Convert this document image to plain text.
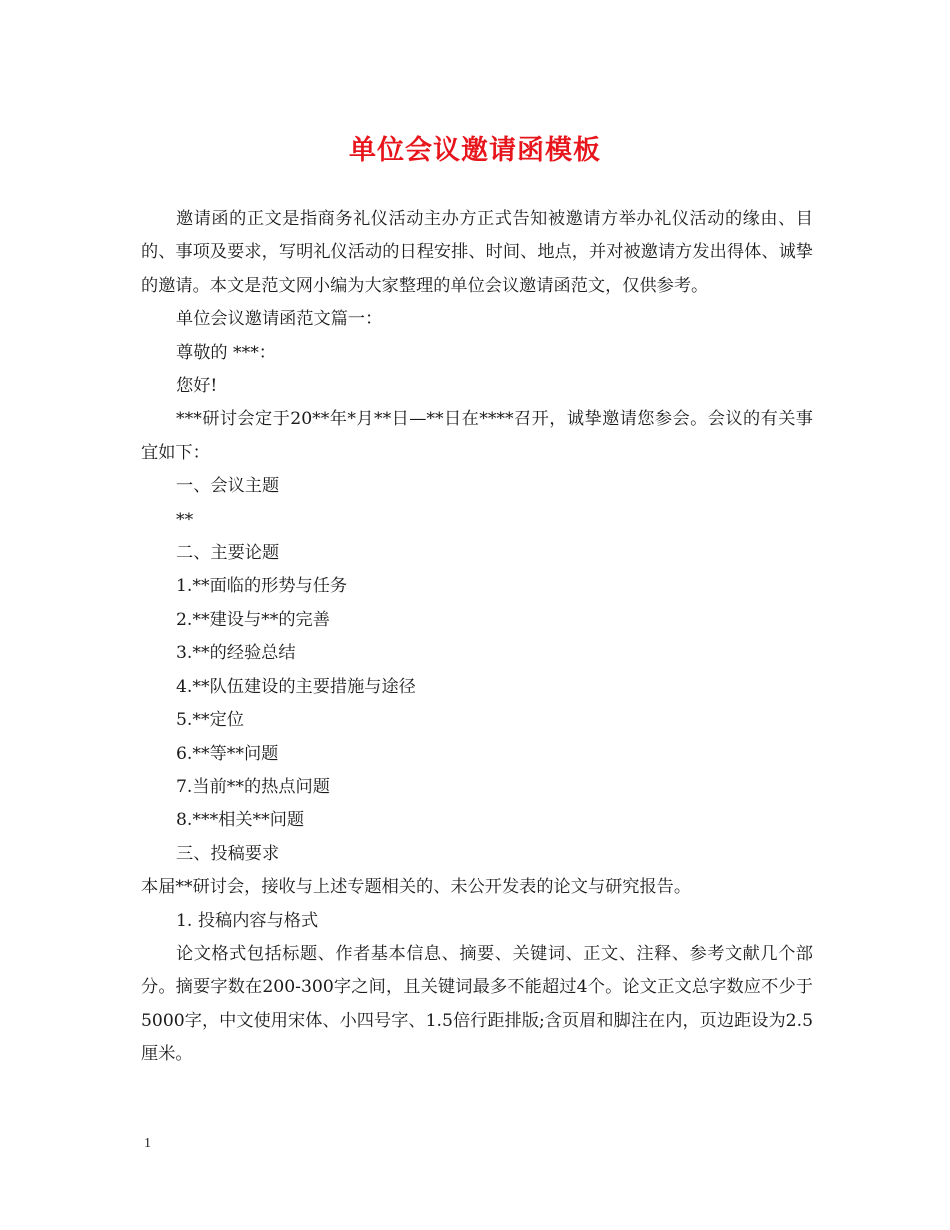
单位会议邀请函模板

邀请函的正文是指商务礼仪活动主办方正式告知被邀请方举办礼仪活动的缘由、目的、事项及要求，写明礼仪活动的日程安排、时间、地点，并对被邀请方发出得体、诚挚的邀请。本文是范文网小编为大家整理的单位会议邀请函范文，仅供参考。

单位会议邀请函范文篇一：

尊敬的 ***：

您好!

***研讨会定于20**年*月**日—**日在****召开，诚挚邀请您参会。会议的有关事宜如下：

一、会议主题

**

二、主要论题

1.**面临的形势与任务

2.**建设与**的完善

3.**的经验总结

4.**队伍建设的主要措施与途径

5.**定位

6.**等**问题

7.当前**的热点问题

8.***相关**问题

三、投稿要求

本届**研讨会，接收与上述专题相关的、未公开发表的论文与研究报告。

1. 投稿内容与格式

论文格式包括标题、作者基本信息、摘要、关键词、正文、注释、参考文献几个部分。摘要字数在200-300字之间，且关键词最多不能超过4个。论文正文总字数应不少于5000字，中文使用宋体、小四号字、1.5倍行距排版;含页眉和脚注在内，页边距设为2.5厘米。

1
